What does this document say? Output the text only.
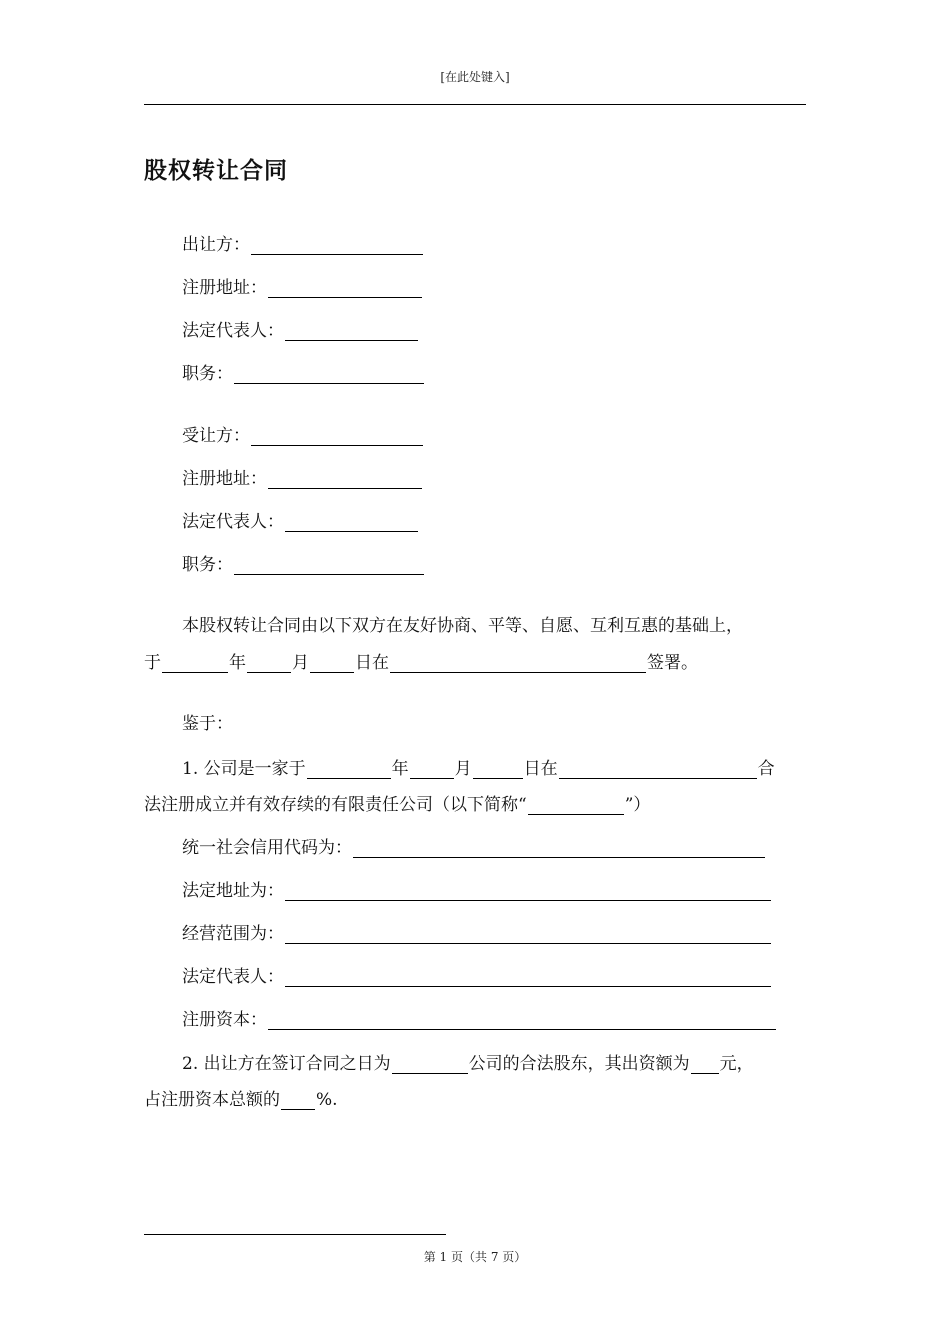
[在此处键入]
股权转让合同
出让方：
注册地址：
法定代表人：
职务：
受让方：
注册地址：
法定代表人：
职务：
本股权转让合同由以下双方在友好协商、平等、自愿、互利互惠的基础上，
于	年	月	日在	签署。
鉴于：
1. 公司是一家于	年	月	日在	合
法注册成立并有效存续的有限责任公司（以下简称“	”）
统一社会信用代码为：
法定地址为：
经营范围为：
法定代表人：
注册资本：
2. 出让方在签订合同之日为	公司的合法股东，其出资额为 元，
占注册资本总额的 %.
第 1 页（共 7 页）
